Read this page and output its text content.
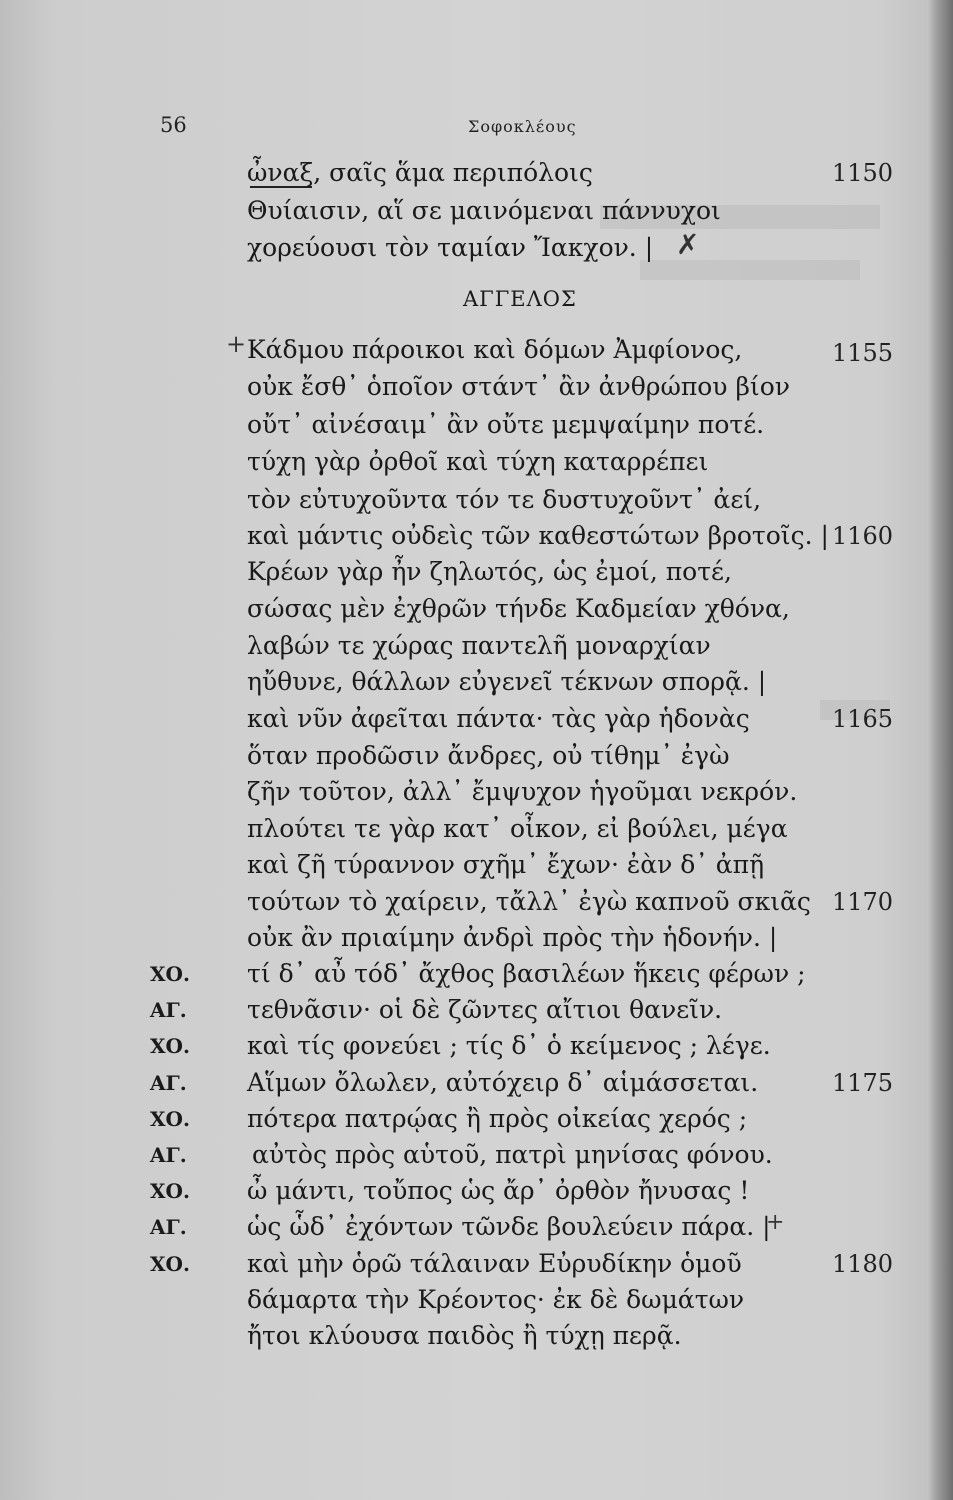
56	Σοφοκλέους
✗
+
+
ὦναξ, σαῖς ἅμα περιπόλοις
Θυίαισιν, αἵ σε μαινόμεναι πάννυχοι
χορεύουσι τὸν ταμίαν Ἴακχον. |
ΑΓΓΕΛΟΣ
Κάδμου πάροικοι καὶ δόμων Ἀμφίονος,
οὐκ ἔσθ᾽ ὁποῖον στάντ᾽ ἂν ἀνθρώπου βίον
οὔτ᾽ αἰνέσαιμ᾽ ἂν οὔτε μεμψαίμην ποτέ.
τύχη γὰρ ὀρθοῖ καὶ τύχη καταρρέπει
τὸν εὐτυχοῦντα τόν τε δυστυχοῦντ᾽ ἀεί,
καὶ μάντις οὐδεὶς τῶν καθεστώτων βροτοῖς. |
Κρέων γὰρ ἦν ζηλωτός, ὡς ἐμοί, ποτέ,
σώσας μὲν ἐχθρῶν τήνδε Καδμείαν χθόνα,
λαβών τε χώρας παντελῆ μοναρχίαν
ηὔθυνε, θάλλων εὐγενεῖ τέκνων σπορᾷ. |
καὶ νῦν ἀφεῖται πάντα· τὰς γὰρ ἡδονὰς
ὅταν προδῶσιν ἄνδρες, οὐ τίθημ᾽ ἐγὼ
ζῆν τοῦτον, ἀλλ᾽ ἔμψυχον ἡγοῦμαι νεκρόν.
πλούτει τε γὰρ κατ᾽ οἶκον, εἰ βούλει, μέγα
καὶ ζῆ τύραννον σχῆμ᾽ ἔχων· ἐὰν δ᾽ ἀπῇ
τούτων τὸ χαίρειν, τἄλλ᾽ ἐγὼ καπνοῦ σκιᾶς
οὐκ ἂν πριαίμην ἀνδρὶ πρὸς τὴν ἡδονήν. |
τί δ᾽ αὖ τόδ᾽ ἄχθος βασιλέων ἥκεις φέρων ;
τεθνᾶσιν· οἱ δὲ ζῶντες αἴτιοι θανεῖν.
καὶ τίς φονεύει ; τίς δ᾽ ὁ κείμενος ; λέγε.
Αἵμων ὄλωλεν, αὐτόχειρ δ᾽ αἱμάσσεται.
πότερα πατρῴας ἢ πρὸς οἰκείας χερός ;
αὐτὸς πρὸς αὑτοῦ, πατρὶ μηνίσας φόνου.
ὦ μάντι, τοὔπος ὡς ἄρ᾽ ὀρθὸν ἤνυσας !
ὡς ὧδ᾽ ἐχόντων τῶνδε βουλεύειν πάρα. |
καὶ μὴν ὁρῶ τάλαιναν Εὐρυδίκην ὁμοῦ
δάμαρτα τὴν Κρέοντος· ἐκ δὲ δωμάτων
ἤτοι κλύουσα παιδὸς ἢ τύχῃ περᾷ.
ΧΟ.
ΑΓ.
ΧΟ.
ΑΓ.
ΧΟ.
ΑΓ.
ΧΟ.
ΑΓ.
ΧΟ.
1150
1155
1160
1165
1170
1175
1180
